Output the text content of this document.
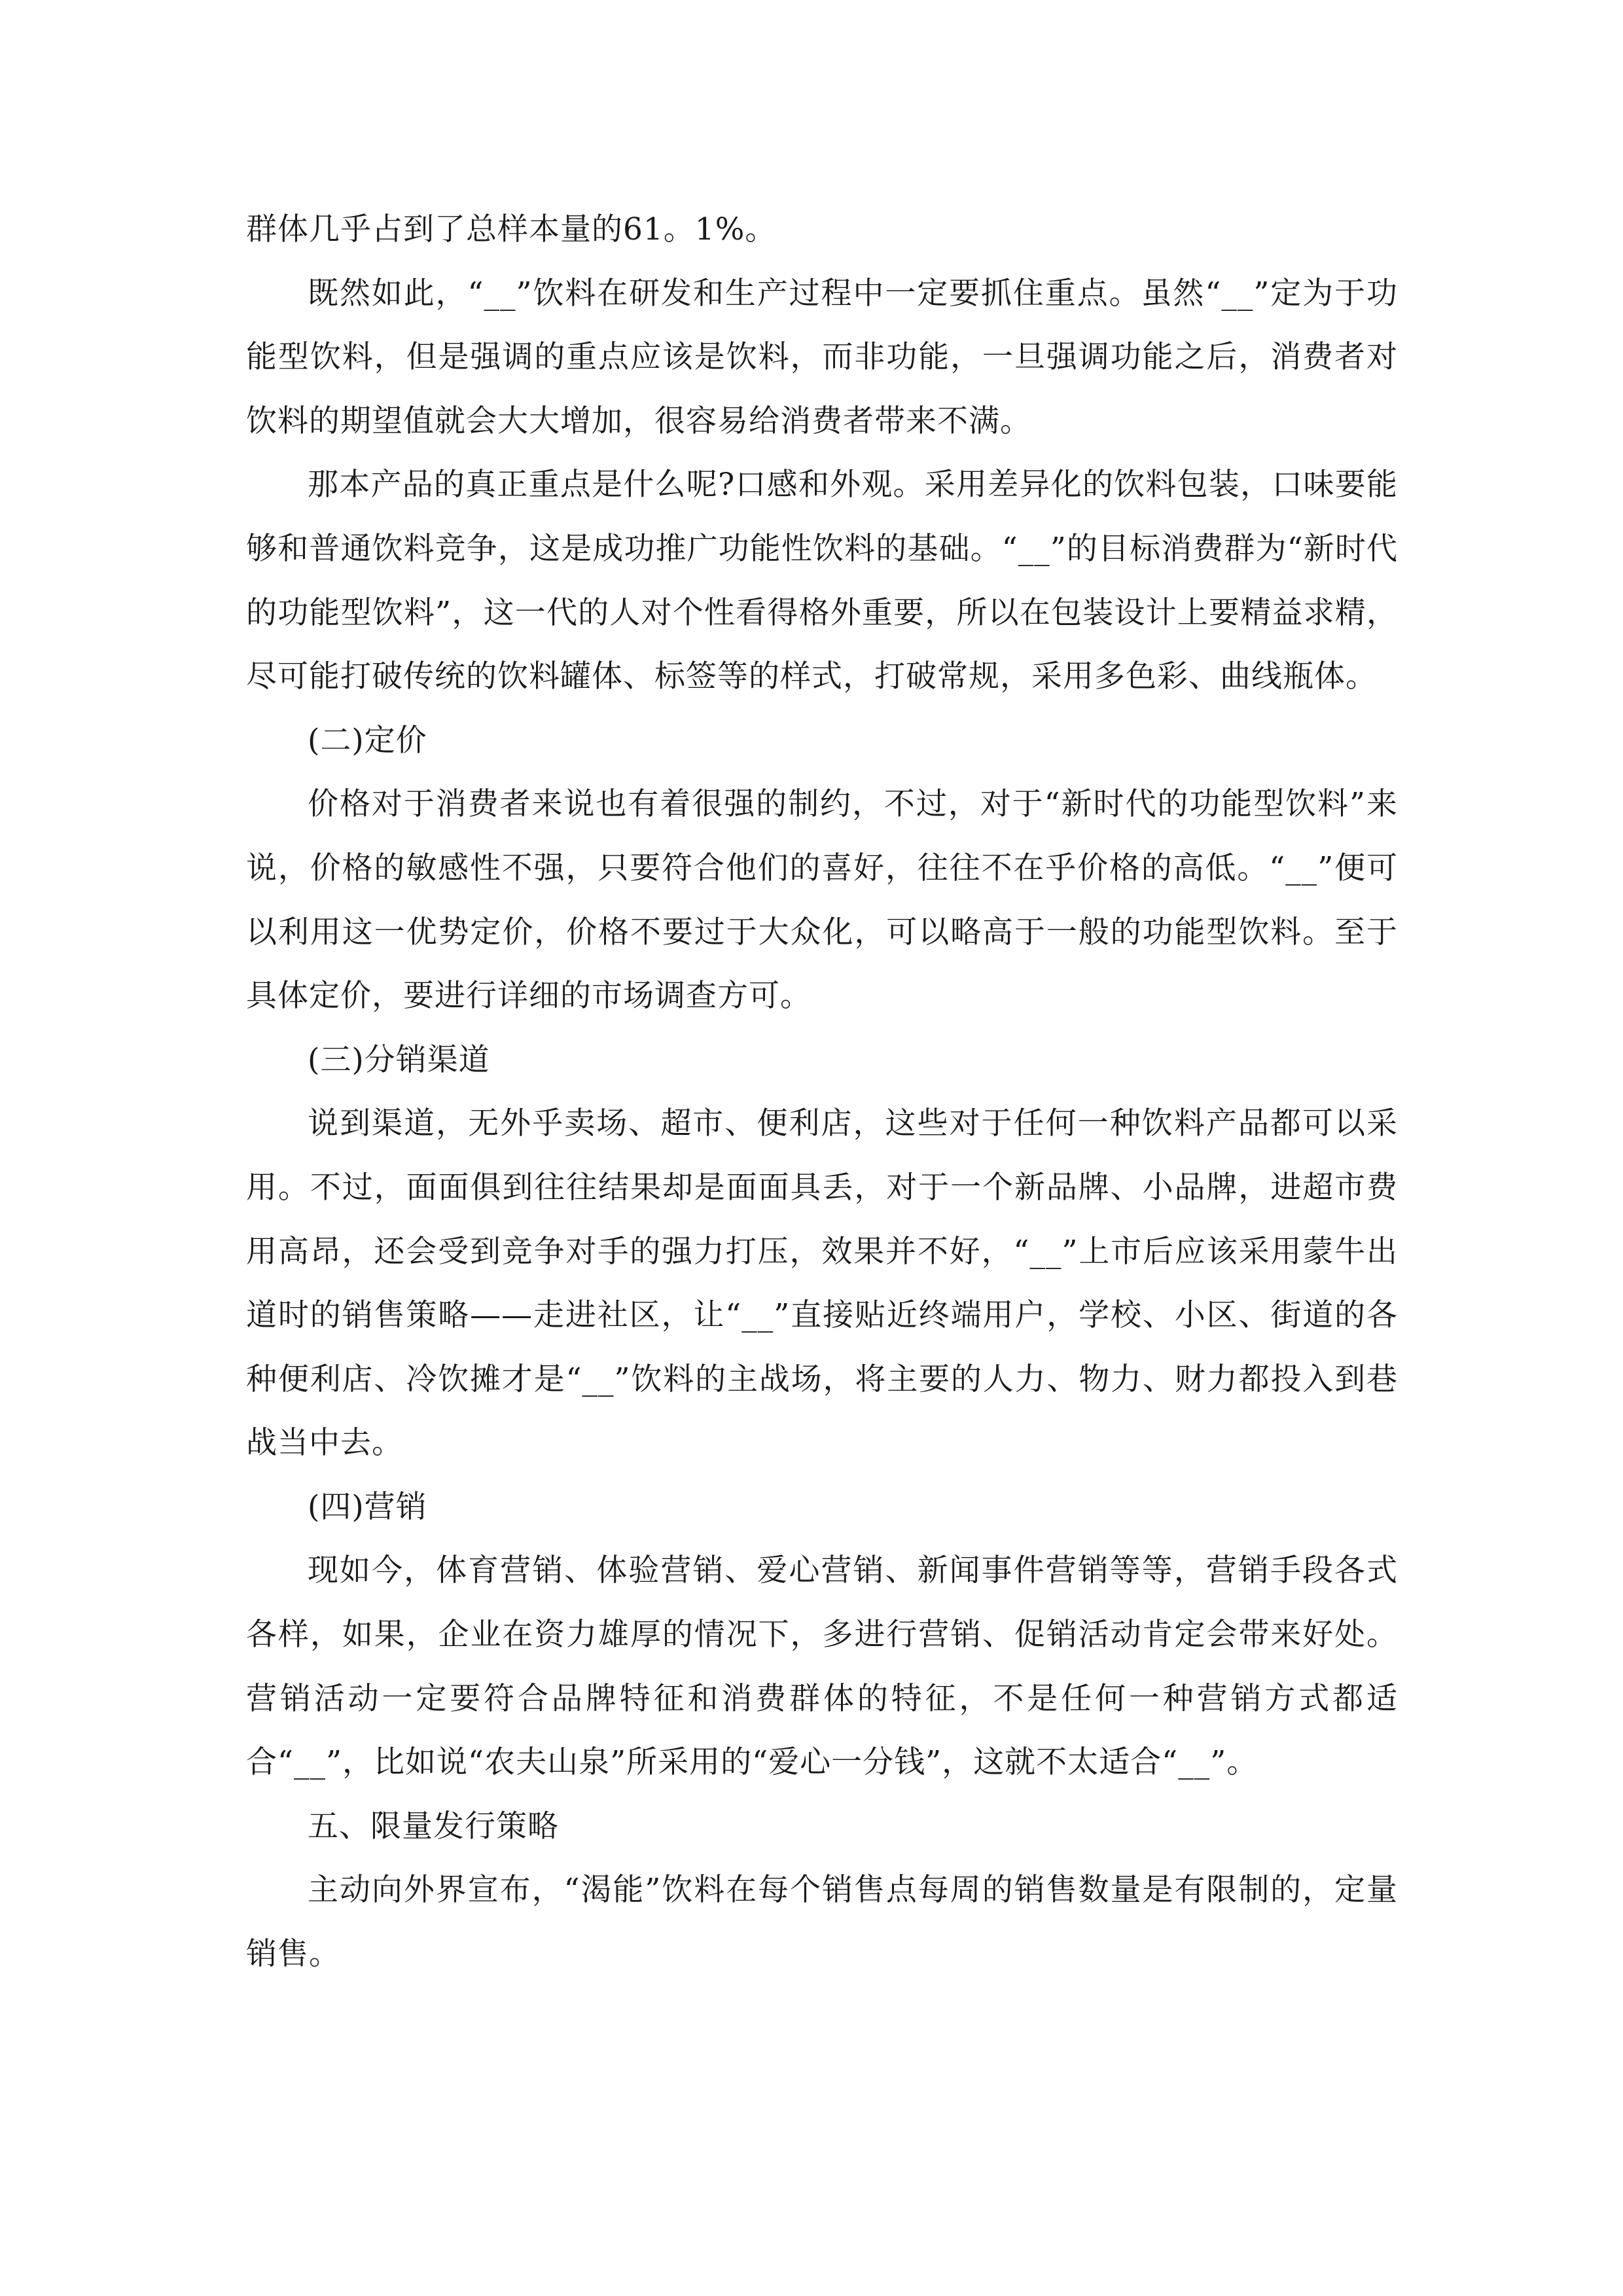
群体几乎占到了总样本量的61。1%。

既然如此，“__”饮料在研发和生产过程中一定要抓住重点。虽然“__”定为于功能型饮料，但是强调的重点应该是饮料，而非功能，一旦强调功能之后，消费者对饮料的期望值就会大大增加，很容易给消费者带来不满。

那本产品的真正重点是什么呢?口感和外观。采用差异化的饮料包装，口味要能够和普通饮料竞争，这是成功推广功能性饮料的基础。“__”的目标消费群为“新时代的功能型饮料”，这一代的人对个性看得格外重要，所以在包装设计上要精益求精，尽可能打破传统的饮料罐体、标签等的样式，打破常规，采用多色彩、曲线瓶体。

(二)定价

价格对于消费者来说也有着很强的制约，不过，对于“新时代的功能型饮料”来说，价格的敏感性不强，只要符合他们的喜好，往往不在乎价格的高低。“__”便可以利用这一优势定价，价格不要过于大众化，可以略高于一般的功能型饮料。至于具体定价，要进行详细的市场调查方可。

(三)分销渠道

说到渠道，无外乎卖场、超市、便利店，这些对于任何一种饮料产品都可以采用。不过，面面俱到往往结果却是面面具丢，对于一个新品牌、小品牌，进超市费用高昂，还会受到竞争对手的强力打压，效果并不好，“__”上市后应该采用蒙牛出道时的销售策略——走进社区，让“__”直接贴近终端用户，学校、小区、街道的各种便利店、冷饮摊才是“__”饮料的主战场，将主要的人力、物力、财力都投入到巷战当中去。

(四)营销

现如今，体育营销、体验营销、爱心营销、新闻事件营销等等，营销手段各式各样，如果，企业在资力雄厚的情况下，多进行营销、促销活动肯定会带来好处。营销活动一定要符合品牌特征和消费群体的特征，不是任何一种营销方式都适合“__”，比如说“农夫山泉”所采用的“爱心一分钱”，这就不太适合“__”。

五、限量发行策略

主动向外界宣布，“渴能”饮料在每个销售点每周的销售数量是有限制的，定量销售。
